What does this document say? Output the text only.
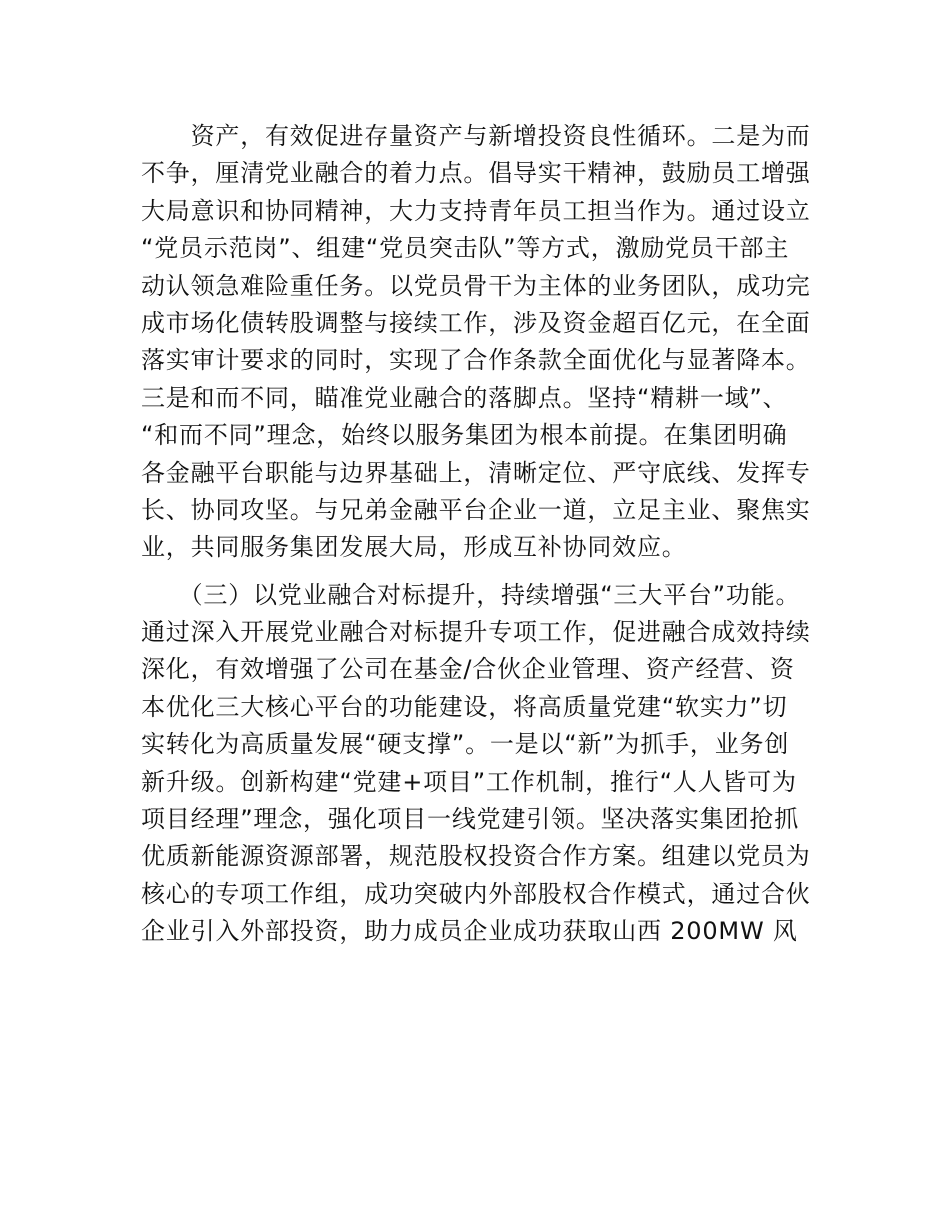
　　资产，有效促进存量资产与新增投资良性循环。二是为而
不争，厘清党业融合的着力点。倡导实干精神，鼓励员工增强
大局意识和协同精神，大力支持青年员工担当作为。通过设立
“党员示范岗”、组建“党员突击队”等方式，激励党员干部主
动认领急难险重任务。以党员骨干为主体的业务团队，成功完
成市场化债转股调整与接续工作，涉及资金超百亿元，在全面
落实审计要求的同时，实现了合作条款全面优化与显著降本。
三是和而不同，瞄准党业融合的落脚点。坚持“精耕一域”、
“和而不同”理念，始终以服务集团为根本前提。在集团明确
各金融平台职能与边界基础上，清晰定位、严守底线、发挥专
长、协同攻坚。与兄弟金融平台企业一道，立足主业、聚焦实
业，共同服务集团发展大局，形成互补协同效应。
　　（三）以党业融合对标提升，持续增强“三大平台”功能。
通过深入开展党业融合对标提升专项工作，促进融合成效持续
深化，有效增强了公司在基金/合伙企业管理、资产经营、资
本优化三大核心平台的功能建设，将高质量党建“软实力”切
实转化为高质量发展“硬支撑”。一是以“新”为抓手，业务创
新升级。创新构建“党建+项目”工作机制，推行“人人皆可为
项目经理”理念，强化项目一线党建引领。坚决落实集团抢抓
优质新能源资源部署，规范股权投资合作方案。组建以党员为
核心的专项工作组，成功突破内外部股权合作模式，通过合伙
企业引入外部投资，助力成员企业成功获取山西 200MW 风
